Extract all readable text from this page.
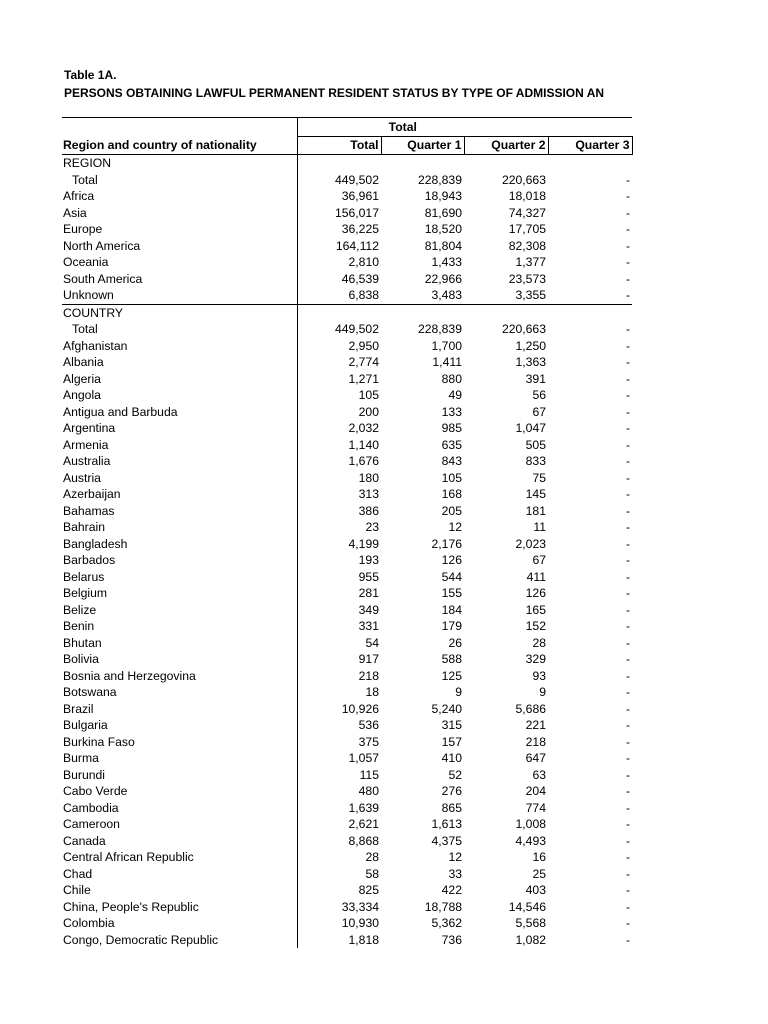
Table 1A.
PERSONS OBTAINING LAWFUL PERMANENT RESIDENT STATUS BY TYPE OF ADMISSION AN
	Total			
Region and country of nationality	Total	Quarter 1	Quarter 2	Quarter 3
REGION				
Total	449,502	228,839	220,663	-
Africa	36,961	18,943	18,018	-
Asia	156,017	81,690	74,327	-
Europe	36,225	18,520	17,705	-
North America	164,112	81,804	82,308	-
Oceania	2,810	1,433	1,377	-
South America	46,539	22,966	23,573	-
Unknown	6,838	3,483	3,355	-
COUNTRY				
Total	449,502	228,839	220,663	-
Afghanistan	2,950	1,700	1,250	-
Albania	2,774	1,411	1,363	-
Algeria	1,271	880	391	-
Angola	105	49	56	-
Antigua and Barbuda	200	133	67	-
Argentina	2,032	985	1,047	-
Armenia	1,140	635	505	-
Australia	1,676	843	833	-
Austria	180	105	75	-
Azerbaijan	313	168	145	-
Bahamas	386	205	181	-
Bahrain	23	12	11	-
Bangladesh	4,199	2,176	2,023	-
Barbados	193	126	67	-
Belarus	955	544	411	-
Belgium	281	155	126	-
Belize	349	184	165	-
Benin	331	179	152	-
Bhutan	54	26	28	-
Bolivia	917	588	329	-
Bosnia and Herzegovina	218	125	93	-
Botswana	18	9	9	-
Brazil	10,926	5,240	5,686	-
Bulgaria	536	315	221	-
Burkina Faso	375	157	218	-
Burma	1,057	410	647	-
Burundi	115	52	63	-
Cabo Verde	480	276	204	-
Cambodia	1,639	865	774	-
Cameroon	2,621	1,613	1,008	-
Canada	8,868	4,375	4,493	-
Central African Republic	28	12	16	-
Chad	58	33	25	-
Chile	825	422	403	-
China, People's Republic	33,334	18,788	14,546	-
Colombia	10,930	5,362	5,568	-
Congo, Democratic Republic	1,818	736	1,082	-
